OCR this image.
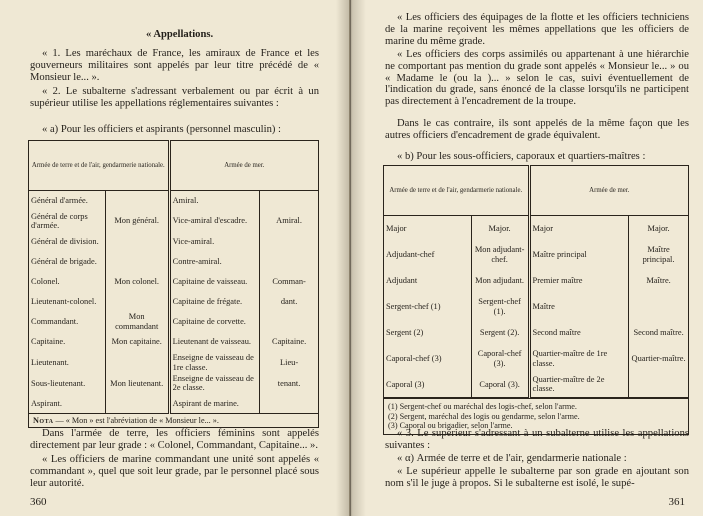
« Appellations.
« 1. Les maréchaux de France, les amiraux de France et les gouverneurs militaires sont appelés par leur titre précédé de « Monsieur le... ».
« 2. Le subalterne s'adressant verbalement ou par écrit à un supérieur utilise les appellations réglementaires suivantes :
« a) Pour les officiers et aspirants (personnel masculin) :
Armée de terre et de l'air, gendarmerie nationale.		Armée de mer.	
Général d'armée.		Amiral.	
Général de corps d'armée.	Mon général.	Vice-amiral d'escadre.	Amiral.
Général de division.		Vice-amiral.	
Général de brigade.		Contre-amiral.	
Colonel.	Mon colonel.	Capitaine de vaisseau.	Comman-
Lieutenant-colonel.		Capitaine de frégate.	dant.
Commandant.	Mon commandant	Capitaine de corvette.	
Capitaine.	Mon capitaine.	Lieutenant de vaisseau.	Capitaine.
Lieutenant.		Enseigne de vaisseau de 1re classe.	Lieu-
Sous-lieutenant.	Mon lieutenant.	Enseigne de vaisseau de 2e classe.	tenant.
Aspirant.		Aspirant de marine.	
Nota — « Mon » est l'abréviation de « Monsieur le... ».
Dans l'armée de terre, les officiers féminins sont appelés directement par leur grade : « Colonel, Commandant, Capitaine... ».
« Les officiers de marine commandant une unité sont appelés « commandant », quel que soit leur grade, par le personnel placé sous leur autorité.
360
« Les officiers des équipages de la flotte et les officiers techniciens de la marine reçoivent les mêmes appellations que les officiers de marine du même grade.
« Les officiers des corps assimilés ou appartenant à une hiérarchie ne comportant pas mention du grade sont appelés « Monsieur le... » ou « Madame le (ou la )... » selon le cas, suivi éventuellement de l'indication du grade, sans énoncé de la classe lorsqu'ils ne participent pas directement à l'encadrement de la troupe.
Dans le cas contraire, ils sont appelés de la même façon que les autres officiers d'encadrement de grade équivalent.
« b) Pour les sous-officiers, caporaux et quartiers-maîtres :
Armée de terre et de l'air, gendarmerie nationale.		Armée de mer.	
Major	Major.	Major	Major.
Adjudant-chef	Mon adjudant-chef.	Maître principal	Maître principal.
Adjudant	Mon adjudant.	Premier maître	Maître.
Sergent-chef (1)	Sergent-chef (1).	Maître	
Sergent (2)	Sergent (2).	Second maître	Second maître.
Caporal-chef (3)	Caporal-chef (3).	Quartier-maître de 1re classe.	Quartier-maître.
Caporal (3)	Caporal (3).	Quartier-maître de 2e classe.	
(1) Sergent-chef ou maréchal des logis-chef, selon l'arme.
(2) Sergent, maréchal des logis ou gendarme, selon l'arme.
(3) Caporal ou brigadier, selon l'arme.
« 3. Le supérieur s'adressant à un subalterne utilise les appellations suivantes :
« α) Armée de terre et de l'air, gendarmerie nationale :
« Le supérieur appelle le subalterne par son grade en ajoutant son nom s'il le juge à propos. Si le subalterne est isolé, le supé-
361
